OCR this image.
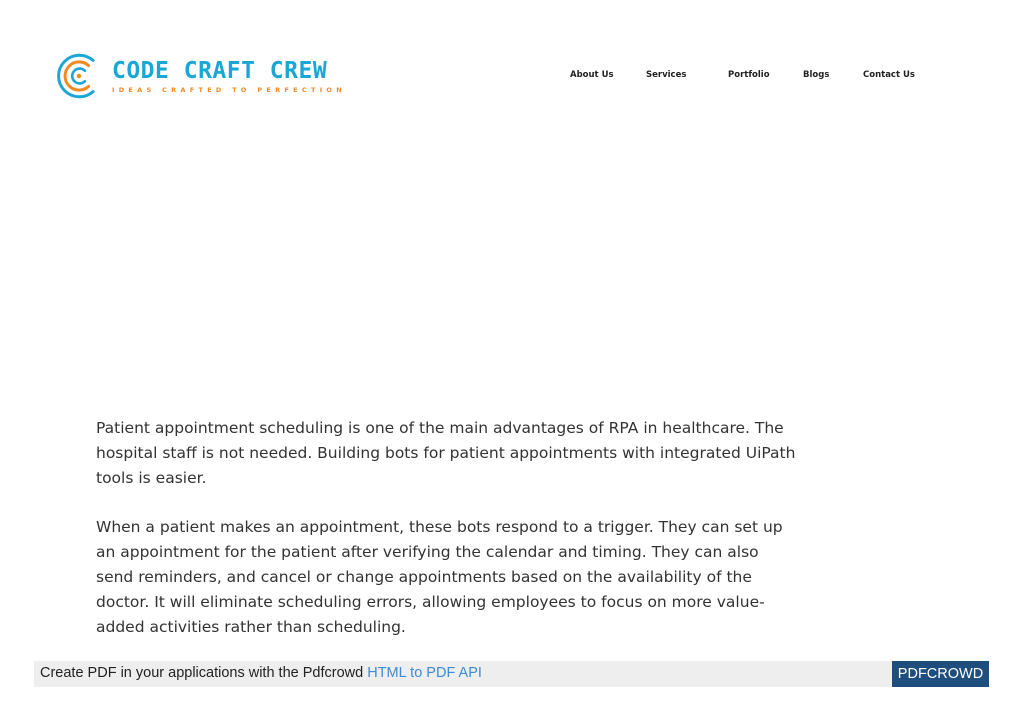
CODE CRAFT CREW
IDEAS CRAFTED TO PERFECTION
About Us	Services	Portfolio	Blogs	Contact Us

Patient appointment scheduling is one of the main advantages of RPA in healthcare. The hospital staff is not needed. Building bots for patient appointments with integrated UiPath tools is easier.

When a patient makes an appointment, these bots respond to a trigger. They can set up an appointment for the patient after verifying the calendar and timing. They can also send reminders, and cancel or change appointments based on the availability of the doctor. It will eliminate scheduling errors, allowing employees to focus on more value-added activities rather than scheduling.

Create PDF in your applications with the Pdfcrowd HTML to PDF API	PDFCROWD
